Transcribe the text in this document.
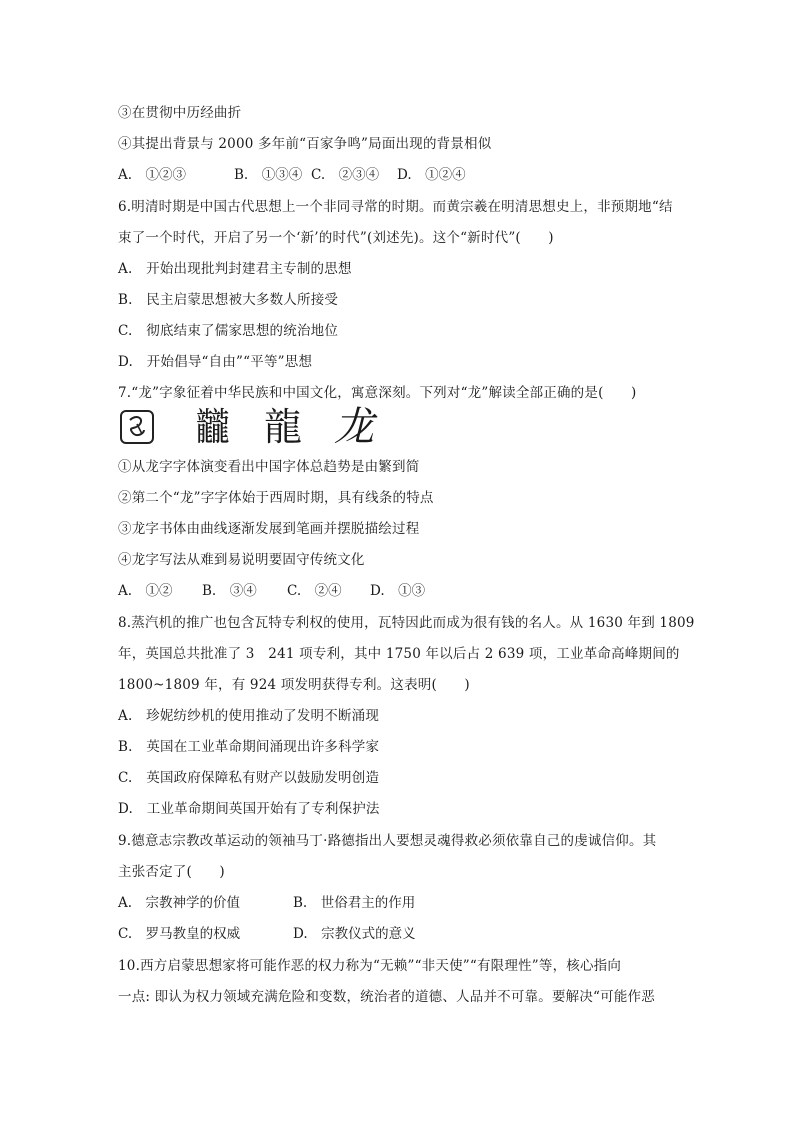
③在贯彻中历经曲折
④其提出背景与 2000 多年前“百家争鸣”局面出现的背景相似
A.　①②③	B.　①③④ C.　②③④ D.　①②④
6.明清时期是中国古代思想上一个非同寻常的时期。而黄宗羲在明清思想史上，非预期地“结
束了一个时代，开启了另一个‘新’的时代”(刘述先)。这个“新时代”(　　)
A.　开始出现批判封建君主专制的思想
B.　民主启蒙思想被大多数人所接受
C.　彻底结束了儒家思想的统治地位
D.　开始倡导“自由”“平等”思想
7.“龙”字象征着中华民族和中国文化，寓意深刻。下列对“龙”解读全部正确的是(　　)
龖 龍 龙
①从龙字字体演变看出中国字体总趋势是由繁到简
②第二个“龙”字字体始于西周时期，具有线条的特点
③龙字书体由曲线逐渐发展到笔画并摆脱描绘过程
④龙字写法从难到易说明要固守传统文化
A.　①② B.　③④ C.　②④ D.　①③
8.蒸汽机的推广也包含瓦特专利权的使用，瓦特因此而成为很有钱的名人。从 1630 年到 1809
年，英国总共批准了 3　241 项专利，其中 1750 年以后占 2 639 项，工业革命高峰期间的
1800~1809 年，有 924 项发明获得专利。这表明(　　)
A.　珍妮纺纱机的使用推动了发明不断涌现
B.　英国在工业革命期间涌现出许多科学家
C.　英国政府保障私有财产以鼓励发明创造
D.　工业革命期间英国开始有了专利保护法
9.德意志宗教改革运动的领袖马丁·路德指出人要想灵魂得救必须依靠自己的虔诚信仰。其
主张否定了(　　)
A.　宗教神学的价值	B.　世俗君主的作用
C.　罗马教皇的权威	D.　宗教仪式的意义
10.西方启蒙思想家将可能作恶的权力称为“无赖”“非天使”“有限理性”等，核心指向
一点: 即认为权力领域充满危险和变数，统治者的道德、人品并不可靠。要解决“可能作恶
